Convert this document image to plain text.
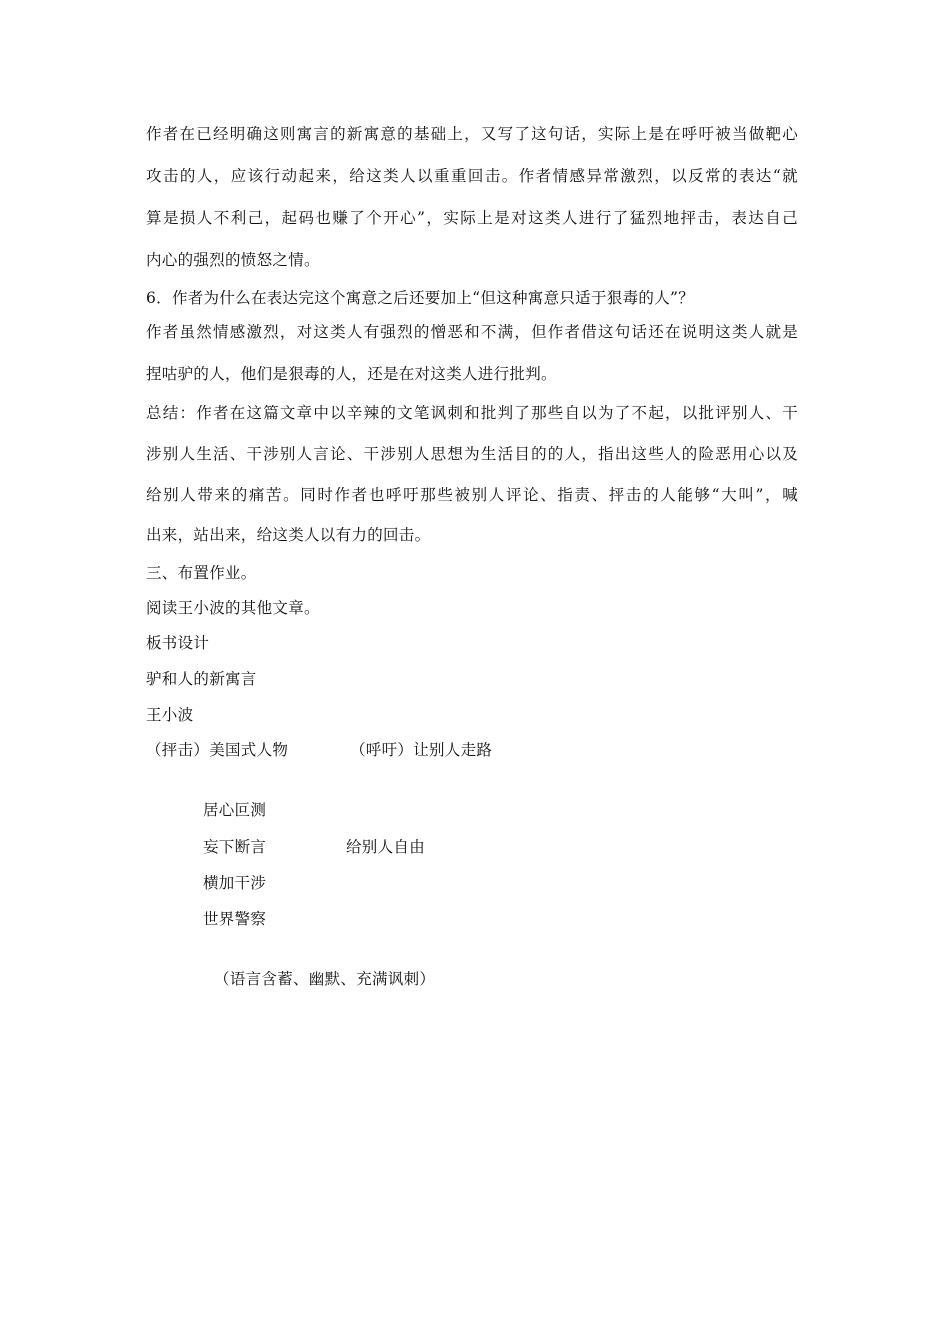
作者在已经明确这则寓言的新寓意的基础上，又写了这句话，实际上是在呼吁被当做靶心
攻击的人，应该行动起来，给这类人以重重回击。作者情感异常激烈，以反常的表达“就
算是损人不利己，起码也赚了个开心”，实际上是对这类人进行了猛烈地抨击，表达自己
内心的强烈的愤怒之情。
6．作者为什么在表达完这个寓意之后还要加上“但这种寓意只适于狠毒的人”？
作者虽然情感激烈，对这类人有强烈的憎恶和不满，但作者借这句话还在说明这类人就是
捏咕驴的人，他们是狠毒的人，还是在对这类人进行批判。
总结：作者在这篇文章中以辛辣的文笔讽刺和批判了那些自以为了不起，以批评别人、干
涉别人生活、干涉别人言论、干涉别人思想为生活目的的人，指出这些人的险恶用心以及
给别人带来的痛苦。同时作者也呼吁那些被别人评论、指责、抨击的人能够“大叫”，喊
出来，站出来，给这类人以有力的回击。
三、布置作业。
阅读王小波的其他文章。
板书设计
驴和人的新寓言
王小波
（抨击）美国式人物	（呼吁）让别人走路
居心叵测
妄下断言	给别人自由
横加干涉
世界警察
（语言含蓄、幽默、充满讽刺）
